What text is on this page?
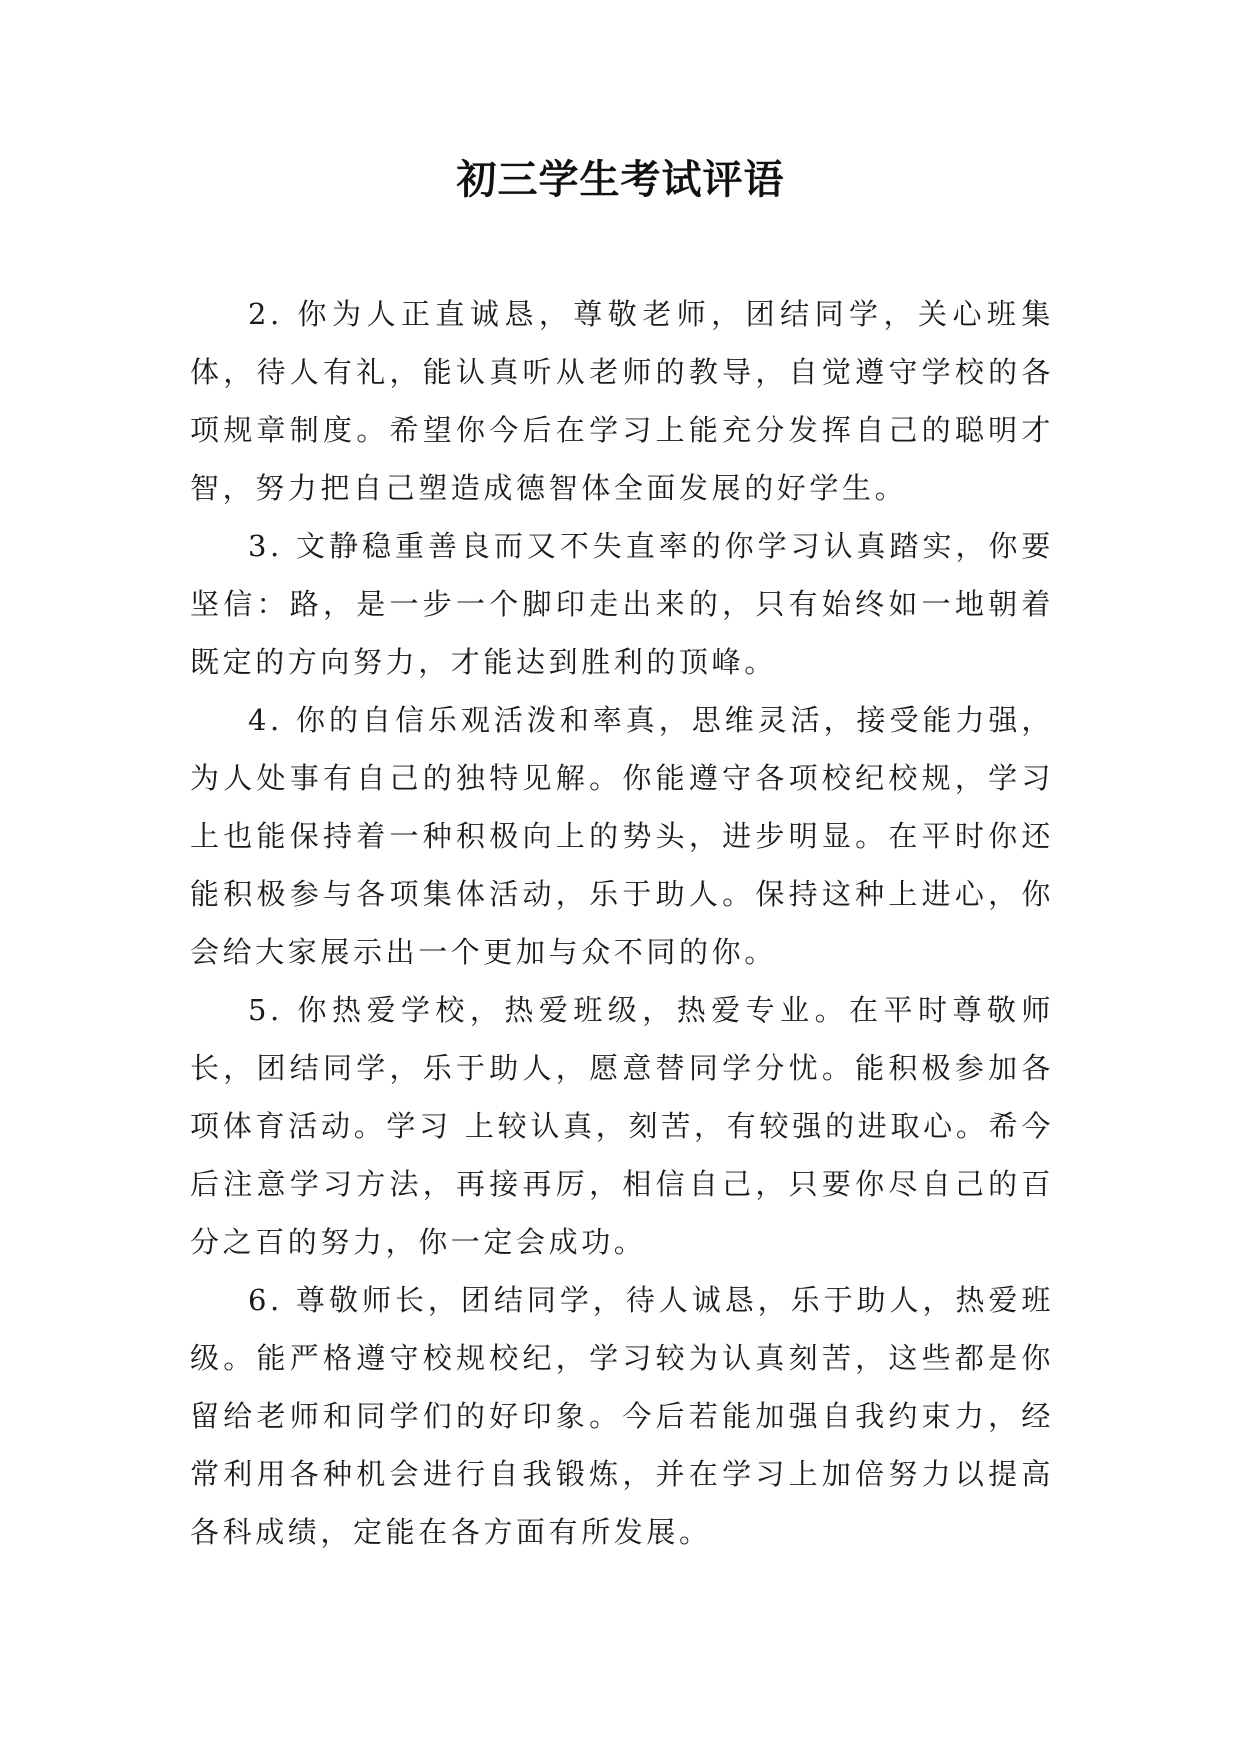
初三学生考试评语

2. 你为人正直诚恳，尊敬老师，团结同学，关心班集体，待人有礼，能认真听从老师的教导，自觉遵守学校的各项规章制度。希望你今后在学习上能充分发挥自己的聪明才智，努力把自己塑造成德智体全面发展的好学生。

3. 文静稳重善良而又不失直率的你学习认真踏实，你要坚信：路，是一步一个脚印走出来的，只有始终如一地朝着既定的方向努力，才能达到胜利的顶峰。

4. 你的自信乐观活泼和率真，思维灵活，接受能力强，为人处事有自己的独特见解。你能遵守各项校纪校规，学习上也能保持着一种积极向上的势头，进步明显。在平时你还能积极参与各项集体活动，乐于助人。保持这种上进心，你会给大家展示出一个更加与众不同的你。

5. 你热爱学校，热爱班级，热爱专业。在平时尊敬师长，团结同学，乐于助人，愿意替同学分忧。能积极参加各项体育活动。学习 上较认真，刻苦，有较强的进取心。希今后注意学习方法，再接再厉，相信自己，只要你尽自己的百分之百的努力，你一定会成功。

6. 尊敬师长，团结同学，待人诚恳，乐于助人，热爱班级。能严格遵守校规校纪，学习较为认真刻苦，这些都是你留给老师和同学们的好印象。今后若能加强自我约束力，经常利用各种机会进行自我锻炼，并在学习上加倍努力以提高各科成绩，定能在各方面有所发展。
